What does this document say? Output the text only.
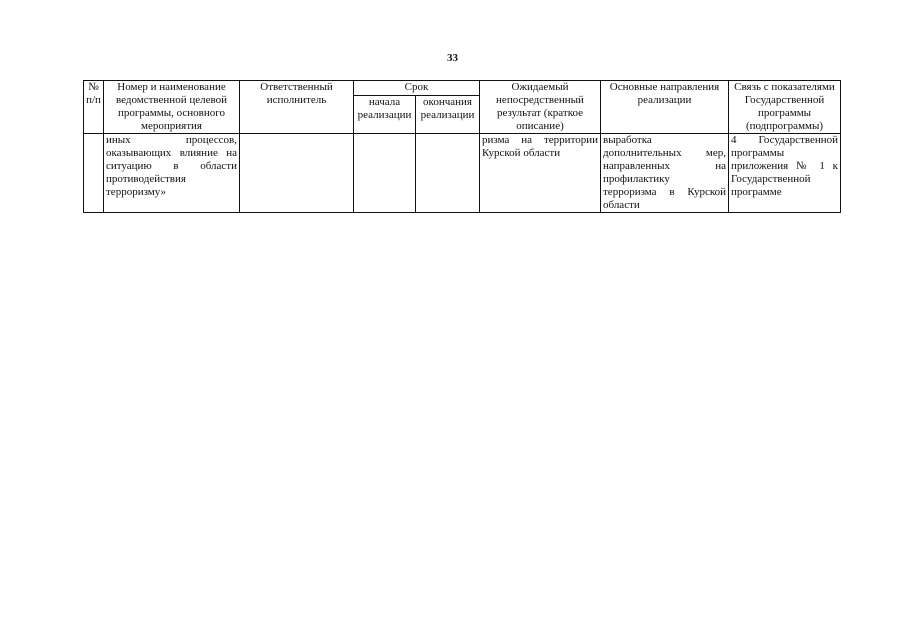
33
№ п/п	Номер и наименование ведомственной целевой программы, основного мероприятия	Ответственный исполнитель	Срок		Ожидаемый непосредственный результат (краткое описание)	Основные направления реализации	Связь с показателями Государственной программы (подпрограммы)
			начала реализации	окончания реализации			
	иных процессов, оказывающих влияние на ситуацию в области противодействия терроризму»				ризма на территории Курской области	выработка дополнительных мер, направленных на профилактику терроризма в Курской области	4 Государственной программы приложения № 1 к Государственной программе
